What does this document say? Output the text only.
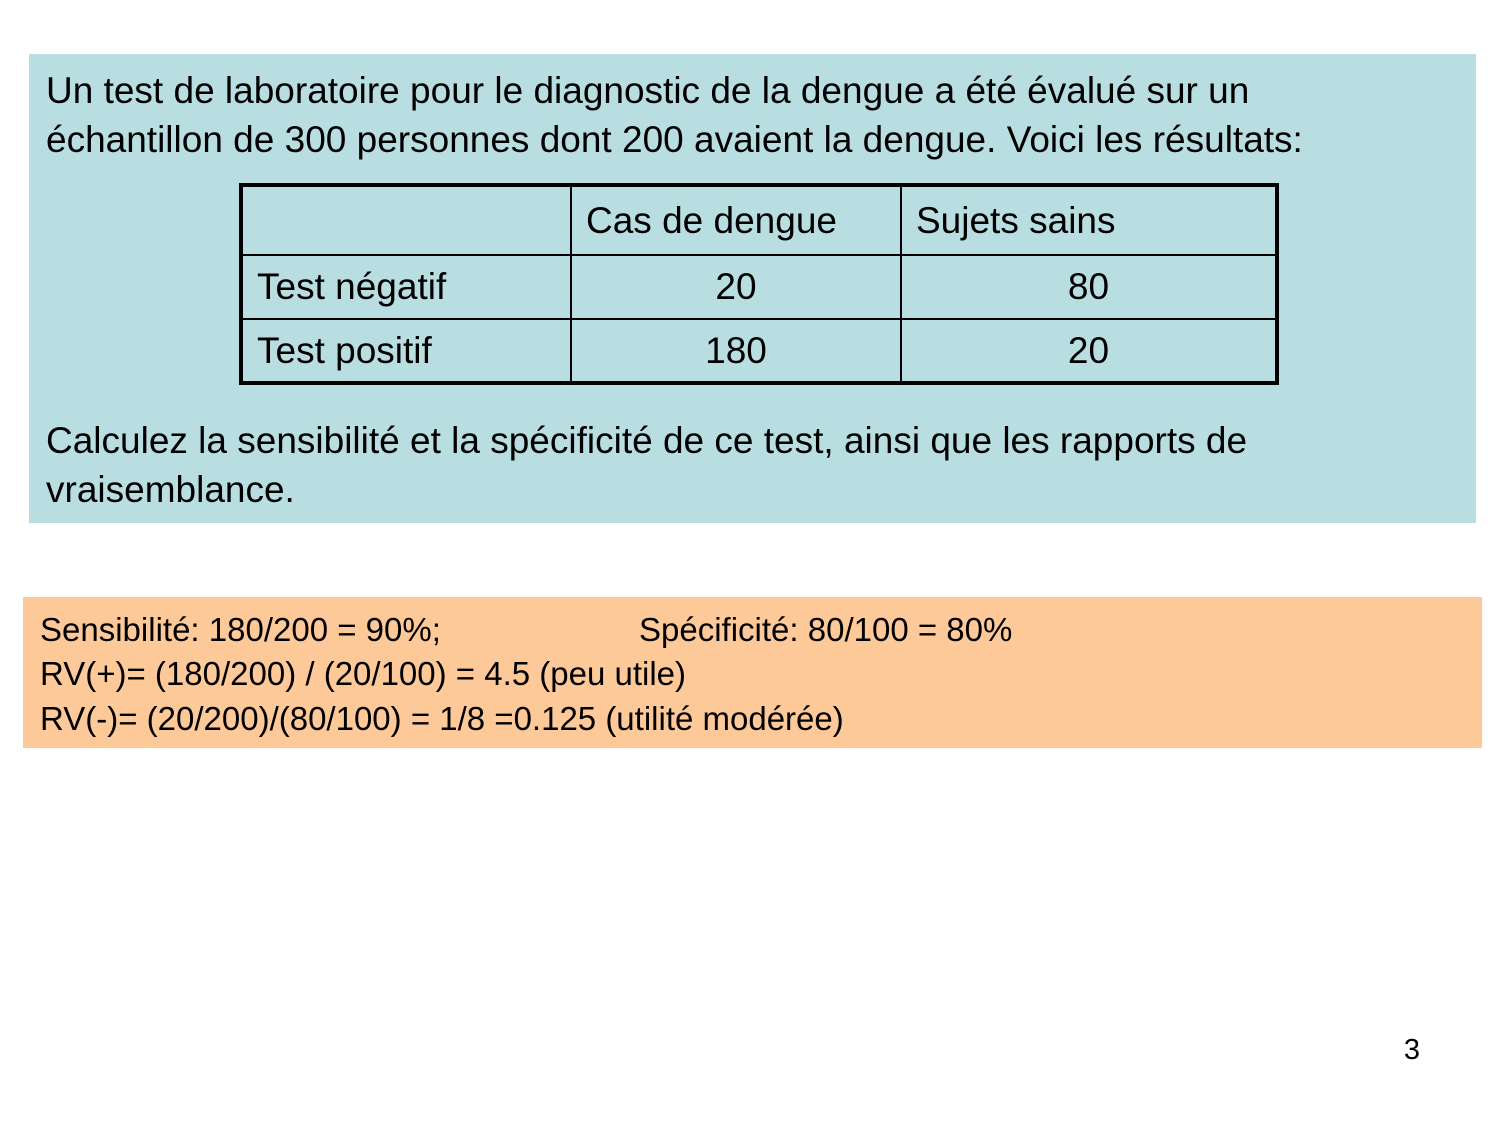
Un test de laboratoire pour le diagnostic de la dengue a été évalué sur un
échantillon de 300 personnes dont 200 avaient la dengue. Voici les résultats:

	Cas de dengue	Sujets sains
Test négatif	20	80
Test positif	180	20

Calculez la sensibilité et la spécificité de ce test, ainsi que les rapports de
vraisemblance.

Sensibilité: 180/200 = 90%;	Spécificité: 80/100 = 80%
RV(+)= (180/200) / (20/100) = 4.5 (peu utile)
RV(-)= (20/200)/(80/100) = 1/8 =0.125 (utilité modérée)
3
